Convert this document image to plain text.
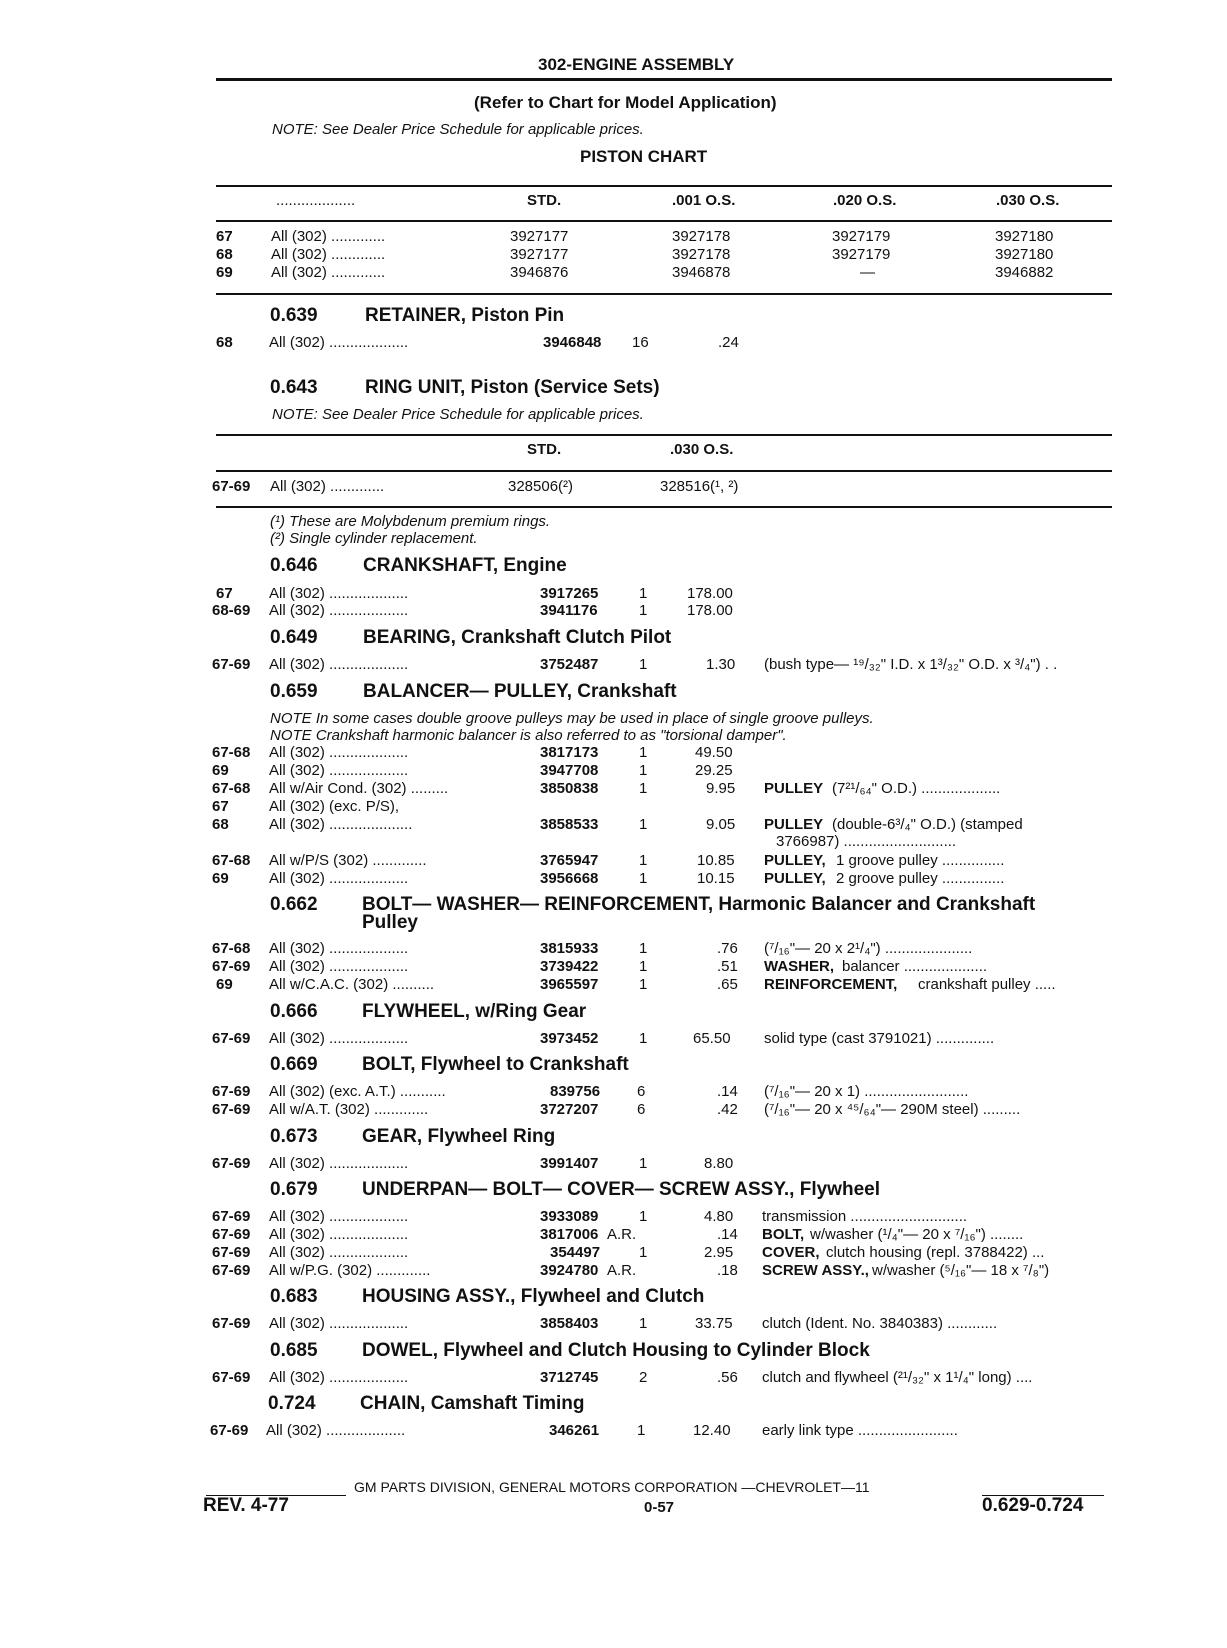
302-ENGINE ASSEMBLY
(Refer to Chart for Model Application)
NOTE: See Dealer Price Schedule for applicable prices.
PISTON CHART
...................	STD.	.001 O.S.	.020 O.S.	.030 O.S.
67	All (302) .............	3927177	3927178	3927179	3927180
68	All (302) .............	3927177	3927178	3927179	3927180
69	All (302) .............	3946876	3946878	—	3946882
0.639 RETAINER, Piston Pin
68 All (302) ...................	3946848 16	.24
0.643 RING UNIT, Piston (Service Sets)
NOTE: See Dealer Price Schedule for applicable prices.
STD.	.030 O.S.
67-69 All (302) .............	328506(²)	328516(¹, ²)
(¹) These are Molybdenum premium rings.
(²) Single cylinder replacement.
0.646 CRANKSHAFT, Engine
67 All (302) ...................	3917265	1	178.00
68-69 All (302) ...................	3941176	1	178.00
0.649 BEARING, Crankshaft Clutch Pilot
67-69 All (302) ...................	3752487	1	1.30 (bush type— ¹⁹/₃₂" I.D. x 1³/₃₂" O.D. x ³/₄") . .
0.659 BALANCER— PULLEY, Crankshaft
NOTE In some cases double groove pulleys may be used in place of single groove pulleys.
NOTE Crankshaft harmonic balancer is also referred to as "torsional damper".
67-68 All (302) ...................	3817173	1	49.50
69	All (302) ...................	3947708	1	29.25
67-68 All w/Air Cond. (302) .........	3850838	1	9.95 PULLEY (7²¹/₆₄" O.D.) ...................
67	All (302) (exc. P/S),
68	All (302) ....................	3858533	1	9.05 PULLEY (double-6³/₄" O.D.) (stamped
3766987) ...........................
67-68 All w/P/S (302) .............	3765947	1	10.85 PULLEY, 1 groove pulley ...............
69	All (302) ...................	3956668	1	10.15 PULLEY, 2 groove pulley ...............
0.662 BOLT— WASHER— REINFORCEMENT, Harmonic Balancer and Crankshaft
Pulley
67-68 All (302) ...................	3815933	1	.76 (⁷/₁₆"— 20 x 2¹/₄") .....................
67-69 All (302) ...................	3739422	1	.51 WASHER, balancer ....................
69 All w/C.A.C. (302) ..........	3965597	1	.65 REINFORCEMENT, crankshaft pulley .....
0.666 FLYWHEEL, w/Ring Gear
67-69 All (302) ...................	3973452	1	65.50 solid type (cast 3791021) ..............
0.669 BOLT, Flywheel to Crankshaft
67-69 All (302) (exc. A.T.) ...........	839756 6	.14 (⁷/₁₆"— 20 x 1) .........................
67-69 All w/A.T. (302) .............	3727207	6	.42 (⁷/₁₆"— 20 x ⁴⁵/₆₄"— 290M steel) .........
0.673 GEAR, Flywheel Ring
67-69 All (302) ...................	3991407	1	8.80
0.679 UNDERPAN— BOLT— COVER— SCREW ASSY., Flywheel
67-69 All (302) ...................	3933089	1	4.80 transmission ............................
67-69 All (302) ...................	3817006 A.R.	.14 BOLT, w/washer (¹/₄"— 20 x ⁷/₁₆") ........
67-69 All (302) ...................	354497	1	2.95 COVER, clutch housing (repl. 3788422) ...
67-69 All w/P.G. (302) .............	3924780 A.R.	.18 SCREW ASSY., w/washer (⁵/₁₆"— 18 x ⁷/₈")
0.683 HOUSING ASSY., Flywheel and Clutch
67-69 All (302) ...................	3858403	1	33.75 clutch (Ident. No. 3840383) ............
0.685 DOWEL, Flywheel and Clutch Housing to Cylinder Block
67-69 All (302) ...................	3712745	2	.56 clutch and flywheel (²¹/₃₂" x 1¹/₄" long) ....
0.724 CHAIN, Camshaft Timing
67-69 All (302) ...................	346261	1	12.40 early link type ........................
GM PARTS DIVISION, GENERAL MOTORS CORPORATION —CHEVROLET—11
REV. 4-77	0-57	0.629-0.724
